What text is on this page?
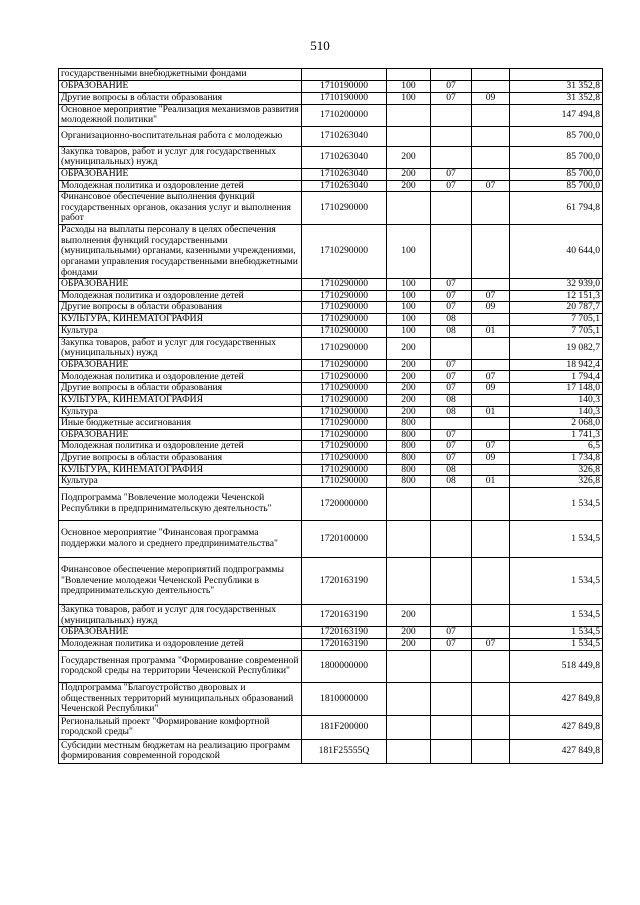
510
государственными внебюджетными фондами					
ОБРАЗОВАНИЕ	1710190000	100	07		31 352,8
Другие вопросы в области образования	1710190000	100	07	09	31 352,8
Основное мероприятие "Реализация механизмов развития молодежной политики"	1710200000				147 494,8
Организационно-воспитательная работа с молодежью	1710263040				85 700,0
Закупка товаров, работ и услуг для государственных (муниципальных) нужд	1710263040	200			85 700,0
ОБРАЗОВАНИЕ	1710263040	200	07		85 700,0
Молодежная политика и оздоровление детей	1710263040	200	07	07	85 700,0
Финансовое обеспечение выполнения функций государственных органов, оказания услуг и выполнения работ	1710290000				61 794,8
Расходы на выплаты персоналу в целях обеспечения выполнения функций государственными (муниципальными) органами, казенными учреждениями, органами управления государственными внебюджетными фондами	1710290000	100			40 644,0
ОБРАЗОВАНИЕ	1710290000	100	07		32 939,0
Молодежная политика и оздоровление детей	1710290000	100	07	07	12 151,3
Другие вопросы в области образования	1710290000	100	07	09	20 787,7
КУЛЬТУРА, КИНЕМАТОГРАФИЯ	1710290000	100	08		7 705,1
Культура	1710290000	100	08	01	7 705,1
Закупка товаров, работ и услуг для государственных (муниципальных) нужд	1710290000	200			19 082,7
ОБРАЗОВАНИЕ	1710290000	200	07		18 942,4
Молодежная политика и оздоровление детей	1710290000	200	07	07	1 794,4
Другие вопросы в области образования	1710290000	200	07	09	17 148,0
КУЛЬТУРА, КИНЕМАТОГРАФИЯ	1710290000	200	08		140,3
Культура	1710290000	200	08	01	140,3
Иные бюджетные ассигнования	1710290000	800			2 068,0
ОБРАЗОВАНИЕ	1710290000	800	07		1 741,3
Молодежная политика и оздоровление детей	1710290000	800	07	07	6,5
Другие вопросы в области образования	1710290000	800	07	09	1 734,8
КУЛЬТУРА, КИНЕМАТОГРАФИЯ	1710290000	800	08		326,8
Культура	1710290000	800	08	01	326,8
Подпрограмма "Вовлечение молодежи Чеченской Республики в предпринимательскую деятельность"	1720000000				1 534,5
Основное мероприятие "Финансовая программа поддержки малого и среднего предпринимательства"	1720100000				1 534,5
Финансовое обеспечение мероприятий подпрограммы "Вовлечение молодежи Чеченской Республики в предпринимательскую деятельность"	1720163190				1 534,5
Закупка товаров, работ и услуг для государственных (муниципальных) нужд	1720163190	200			1 534,5
ОБРАЗОВАНИЕ	1720163190	200	07		1 534,5
Молодежная политика и оздоровление детей	1720163190	200	07	07	1 534,5
Государственная программа "Формирование современной городской среды на территории Чеченской Республики"	1800000000				518 449,8
Подпрограмма "Благоустройство дворовых и общественных территорий муниципальных образований Чеченской Республики"	1810000000				427 849,8
Региональный проект "Формирование комфортной городской среды"	181F200000				427 849,8
Субсидии местным бюджетам на реализацию программ формирования современной городской	181F25555Q				427 849,8
